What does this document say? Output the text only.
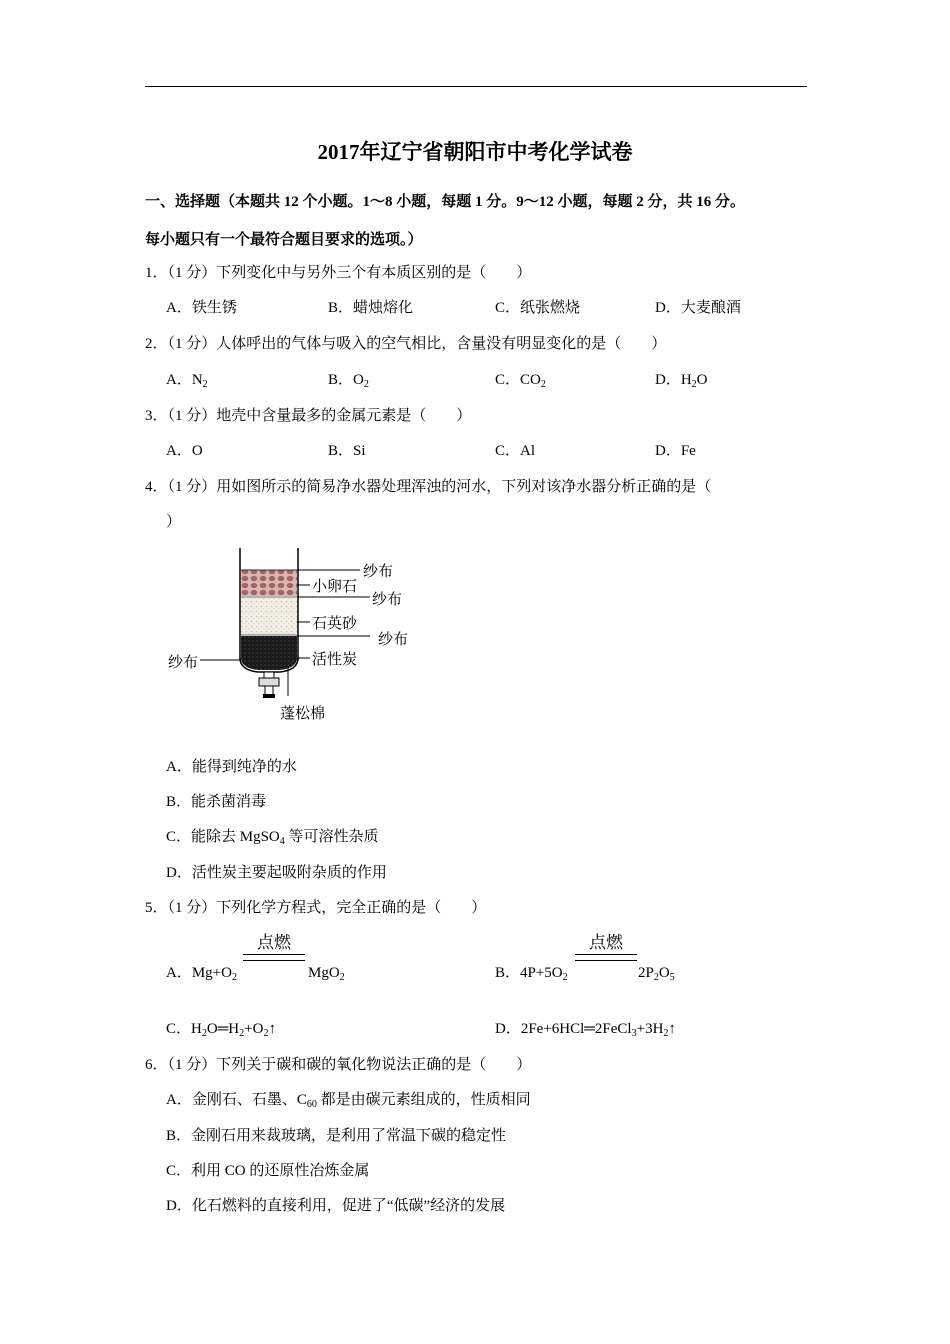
2017年辽宁省朝阳市中考化学试卷
一、选择题（本题共 12 个小题。1～8 小题，每题 1 分。9～12 小题，每题 2 分，共 16 分。
每小题只有一个最符合题目要求的选项。）
1．（1 分）下列变化中与另外三个有本质区别的是（　　）
A．铁生锈	B．蜡烛熔化	C．纸张燃烧	D．大麦酿酒
2．（1 分）人体呼出的气体与吸入的空气相比，含量没有明显变化的是（　　）
A．$N_2$	B．$O_2$	C．$CO_2$	D．$H_2O$
3．（1 分）地壳中含量最多的金属元素是（　　）
A．O	B．Si	C．Al	D．Fe
4．（1 分）用如图所示的简易净水器处理浑浊的河水，下列对该净水器分析正确的是（
）
纱布
小卵石
纱布
石英砂
纱布
纱布	活性炭
蓬松棉
A．能得到纯净的水
B．能杀菌消毒
C．能除去 MgSO$_4$ 等可溶性杂质
D．活性炭主要起吸附杂质的作用
5．（1 分）下列化学方程式，完全正确的是（　　）
点燃
A．$Mg+O_2$	MgO$_2$
点燃
B．$4P+5O_2$	$2P_2O_5$
C．$H_2O═H_2+O_2↑$	D．$2Fe+6HCl═2FeCl_3+3H_2↑$
6．（1 分）下列关于碳和碳的氧化物说法正确的是（　　）
A．金刚石、石墨、$C_{60}$ 都是由碳元素组成的，性质相同
B．金刚石用来裁玻璃，是利用了常温下碳的稳定性
C．利用 CO 的还原性冶炼金属
D．化石燃料的直接利用，促进了“低碳”经济的发展
